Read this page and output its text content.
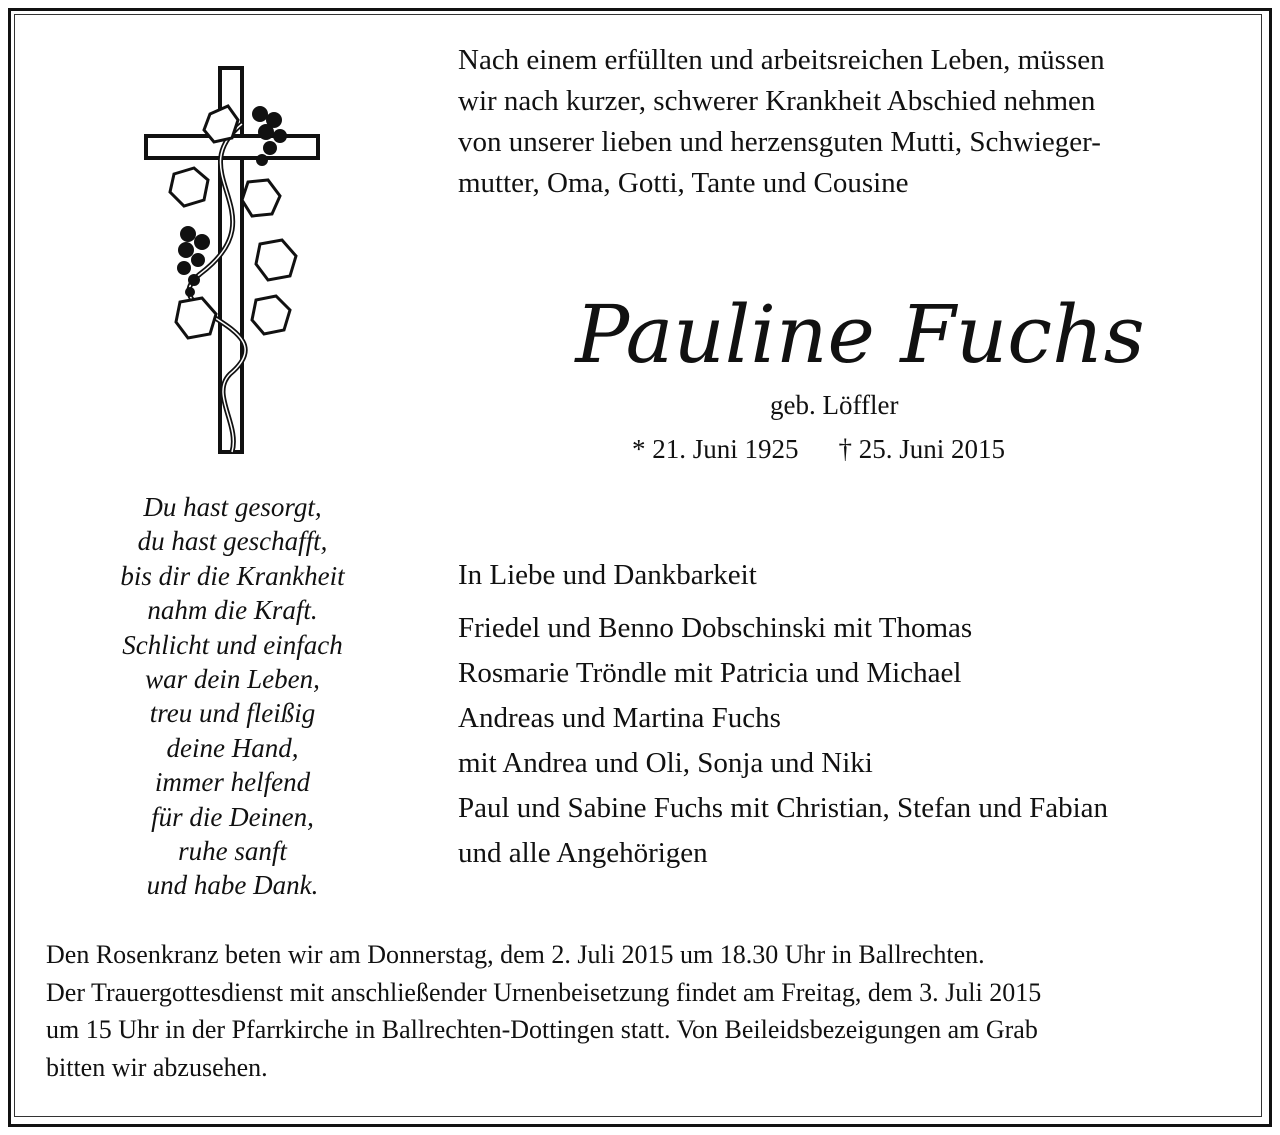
Nach einem erfüllten und arbeitsreichen Leben, müssen
wir nach kurzer, schwerer Krankheit Abschied nehmen
von unserer lieben und herzensguten Mutti, Schwieger-
mutter, Oma, Gotti, Tante und Cousine

Pauline Fuchs
geb. Löffler
* 21. Juni 1925 † 25. Juni 2015

Du hast gesorgt,
du hast geschafft,
bis dir die Krankheit
nahm die Kraft.
Schlicht und einfach
war dein Leben,
treu und fleißig
deine Hand,
immer helfend
für die Deinen,
ruhe sanft
und habe Dank.

In Liebe und Dankbarkeit
Friedel und Benno Dobschinski mit Thomas
Rosmarie Tröndle mit Patricia und Michael
Andreas und Martina Fuchs
mit Andrea und Oli, Sonja und Niki
Paul und Sabine Fuchs mit Christian, Stefan und Fabian
und alle Angehörigen

Den Rosenkranz beten wir am Donnerstag, dem 2. Juli 2015 um 18.30 Uhr in Ballrechten.
Der Trauergottesdienst mit anschließender Urnenbeisetzung findet am Freitag, dem 3. Juli 2015
um 15 Uhr in der Pfarrkirche in Ballrechten-Dottingen statt. Von Beileidsbezeigungen am Grab
bitten wir abzusehen.
